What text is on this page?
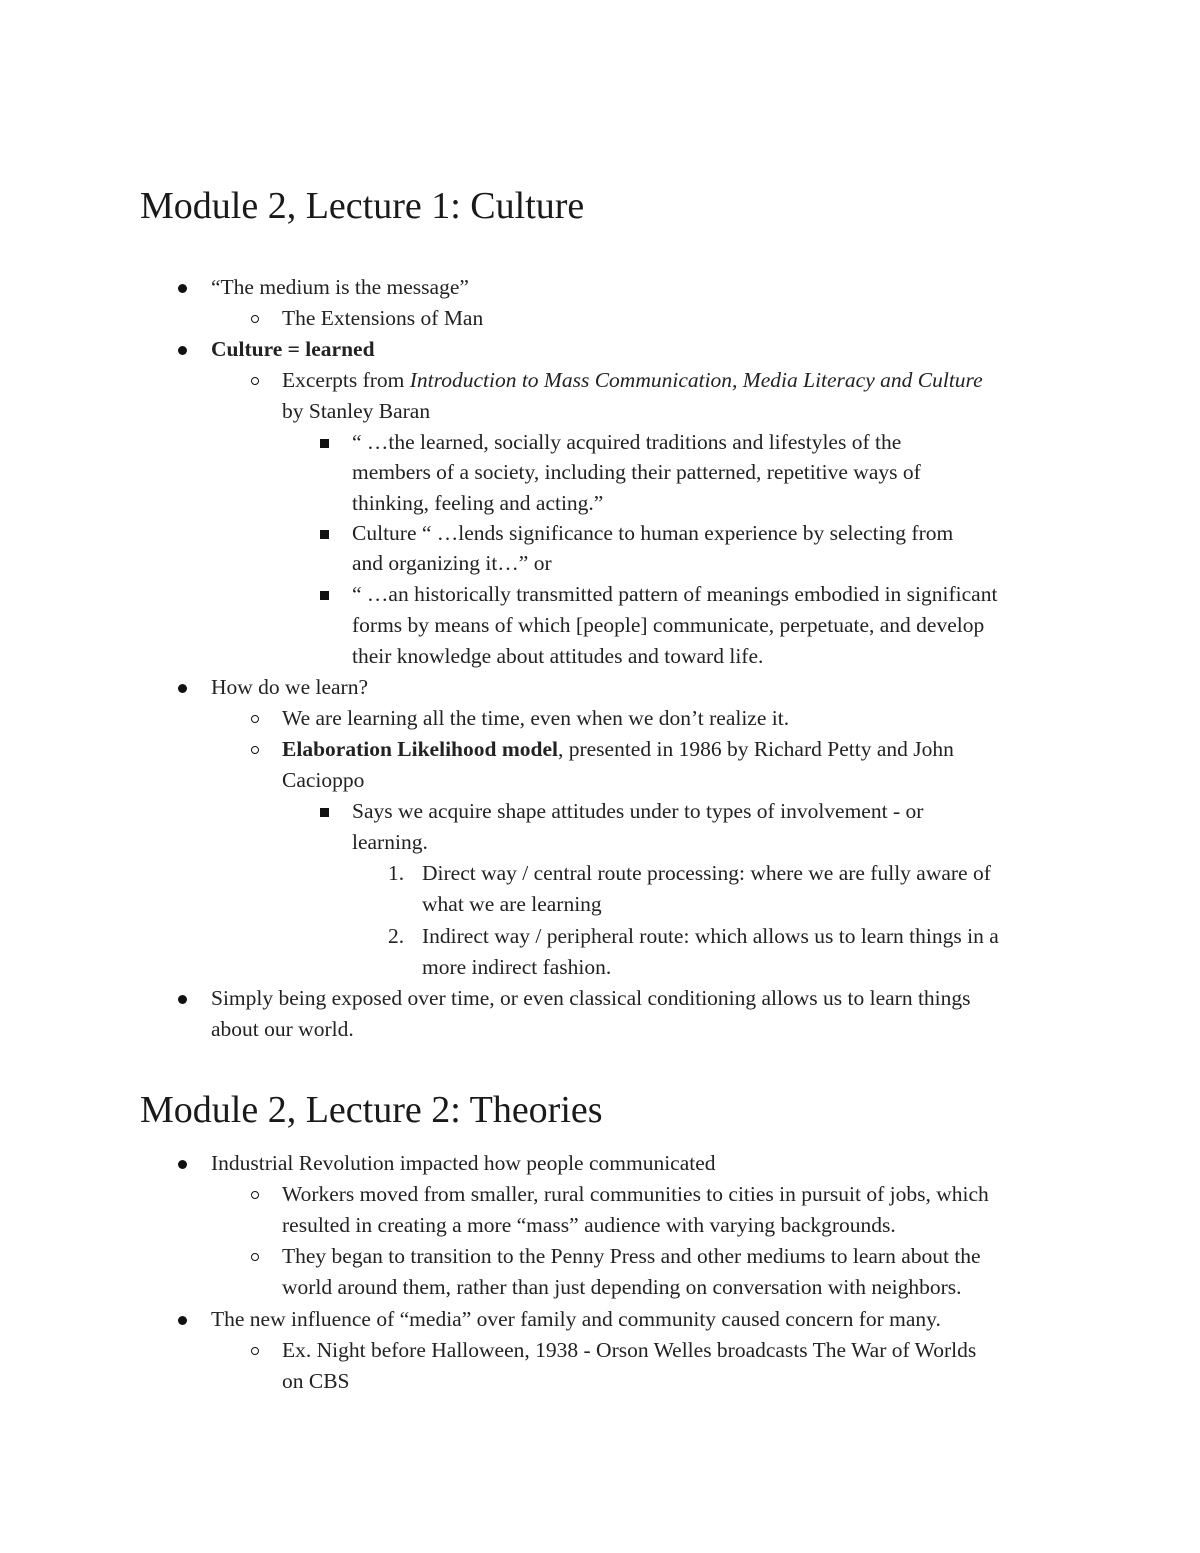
Module 2, Lecture 1: Culture

“The medium is the message”

The Extensions of Man

Culture = learned

Excerpts from Introduction to Mass Communication, Media Literacy and Culture

by Stanley Baran

“ …the learned, socially acquired traditions and lifestyles of the

members of a society, including their patterned, repetitive ways of

thinking, feeling and acting.”

Culture “ …lends significance to human experience by selecting from

and organizing it…” or

“ …an historically transmitted pattern of meanings embodied in significant

forms by means of which [people] communicate, perpetuate, and develop

their knowledge about attitudes and toward life.

How do we learn?

We are learning all the time, even when we don’t realize it.

Elaboration Likelihood model, presented in 1986 by Richard Petty and John

Cacioppo

Says we acquire shape attitudes under to types of involvement - or

learning.

1. Direct way / central route processing: where we are fully aware of

what we are learning

2. Indirect way / peripheral route: which allows us to learn things in a

more indirect fashion.

Simply being exposed over time, or even classical conditioning allows us to learn things

about our world.

Module 2, Lecture 2: Theories

Industrial Revolution impacted how people communicated

Workers moved from smaller, rural communities to cities in pursuit of jobs, which

resulted in creating a more “mass” audience with varying backgrounds.

They began to transition to the Penny Press and other mediums to learn about the

world around them, rather than just depending on conversation with neighbors.

The new influence of “media” over family and community caused concern for many.

Ex. Night before Halloween, 1938 - Orson Welles broadcasts The War of Worlds

on CBS
